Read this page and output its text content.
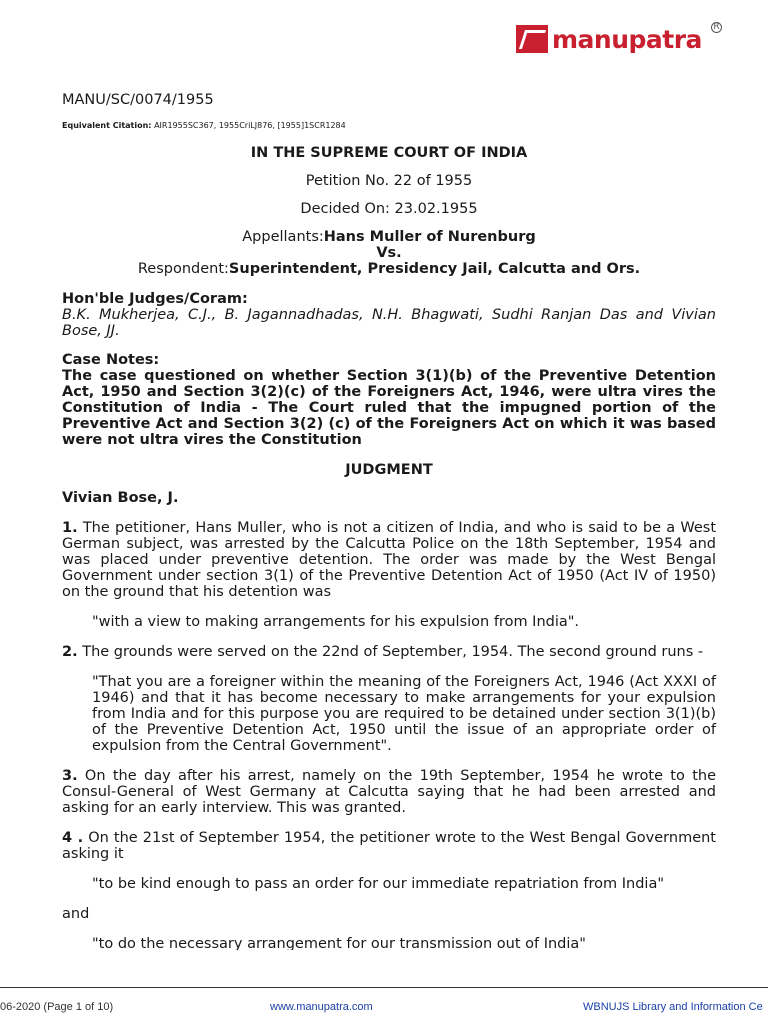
manupatra R

MANU/SC/0074/1955

Equivalent Citation: AIR1955SC367, 1955CriLJ876, [1955]1SCR1284

IN THE SUPREME COURT OF INDIA

Petition No. 22 of 1955

Decided On: 23.02.1955

Appellants:Hans Muller of Nurenburg
Vs.
Respondent:Superintendent, Presidency Jail, Calcutta and Ors.

Hon'ble Judges/Coram:

B.K. Mukherjea, C.J., B. Jagannadhadas, N.H. Bhagwati, Sudhi Ranjan Das and Vivian Bose, JJ.

Case Notes:

The case questioned on whether Section 3(1)(b) of the Preventive Detention Act, 1950 and Section 3(2)(c) of the Foreigners Act, 1946, were ultra vires the Constitution of India - The Court ruled that the impugned portion of the Preventive Act and Section 3(2) (c) of the Foreigners Act on which it was based were not ultra vires the Constitution

JUDGMENT

Vivian Bose, J.

1. The petitioner, Hans Muller, who is not a citizen of India, and who is said to be a West German subject, was arrested by the Calcutta Police on the 18th September, 1954 and was placed under preventive detention. The order was made by the West Bengal Government under section 3(1) of the Preventive Detention Act of 1950 (Act IV of 1950) on the ground that his detention was

"with a view to making arrangements for his expulsion from India".

2. The grounds were served on the 22nd of September, 1954. The second ground runs -

"That you are a foreigner within the meaning of the Foreigners Act, 1946 (Act XXXI of 1946) and that it has become necessary to make arrangements for your expulsion from India and for this purpose you are required to be detained under section 3(1)(b) of the Preventive Detention Act, 1950 until the issue of an appropriate order of expulsion from the Central Government".

3. On the day after his arrest, namely on the 19th September, 1954 he wrote to the Consul-General of West Germany at Calcutta saying that he had been arrested and asking for an early interview. This was granted.

4 . On the 21st of September 1954, the petitioner wrote to the West Bengal Government asking it

"to be kind enough to pass an order for our immediate repatriation from India"

and

"to do the necessary arrangement for our transmission out of India"

06-2020 (Page 1 of 10)	www.manupatra.com	WBNUJS Library and Information Ce
